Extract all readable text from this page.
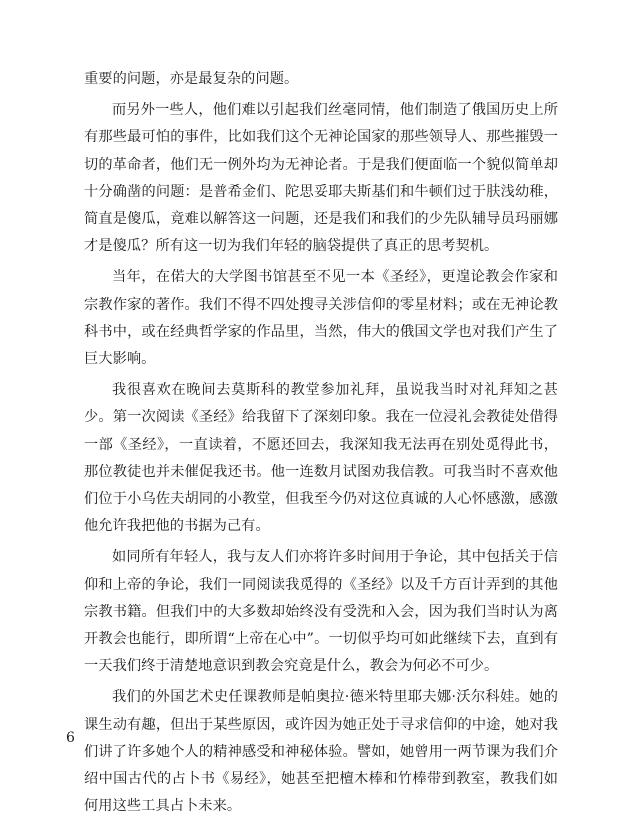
重要的问题，亦是最复杂的问题。

而另外一些人，他们难以引起我们丝毫同情，他们制造了俄国历史上所有那些最可怕的事件，比如我们这个无神论国家的那些领导人、那些摧毁一切的革命者，他们无一例外均为无神论者。于是我们便面临一个貌似简单却十分确凿的问题：是普希金们、陀思妥耶夫斯基们和牛顿们过于肤浅幼稚，简直是傻瓜，竟难以解答这一问题，还是我们和我们的少先队辅导员玛丽娜才是傻瓜？所有这一切为我们年轻的脑袋提供了真正的思考契机。

当年，在偌大的大学图书馆甚至不见一本《圣经》，更遑论教会作家和宗教作家的著作。我们不得不四处搜寻关涉信仰的零星材料；或在无神论教科书中，或在经典哲学家的作品里，当然，伟大的俄国文学也对我们产生了巨大影响。

我很喜欢在晚间去莫斯科的教堂参加礼拜，虽说我当时对礼拜知之甚少。第一次阅读《圣经》给我留下了深刻印象。我在一位浸礼会教徒处借得一部《圣经》，一直读着，不愿还回去，我深知我无法再在别处觅得此书，那位教徒也并未催促我还书。他一连数月试图劝我信教。可我当时不喜欢他们位于小乌佐夫胡同的小教堂，但我至今仍对这位真诚的人心怀感激，感激他允许我把他的书据为己有。

如同所有年轻人，我与友人们亦将许多时间用于争论，其中包括关于信仰和上帝的争论，我们一同阅读我觅得的《圣经》以及千方百计弄到的其他宗教书籍。但我们中的大多数却始终没有受洗和入会，因为我们当时认为离开教会也能行，即所谓“上帝在心中”。一切似乎均可如此继续下去，直到有一天我们终于清楚地意识到教会究竟是什么，教会为何必不可少。

我们的外国艺术史任课教师是帕奥拉·德米特里耶夫娜·沃尔科娃。她的课生动有趣，但出于某些原因，或许因为她正处于寻求信仰的中途，她对我们讲了许多她个人的精神感受和神秘体验。譬如，她曾用一两节课为我们介绍中国古代的占卜书《易经》，她甚至把檀木棒和竹棒带到教室，教我们如何用这些工具占卜未来。

6
